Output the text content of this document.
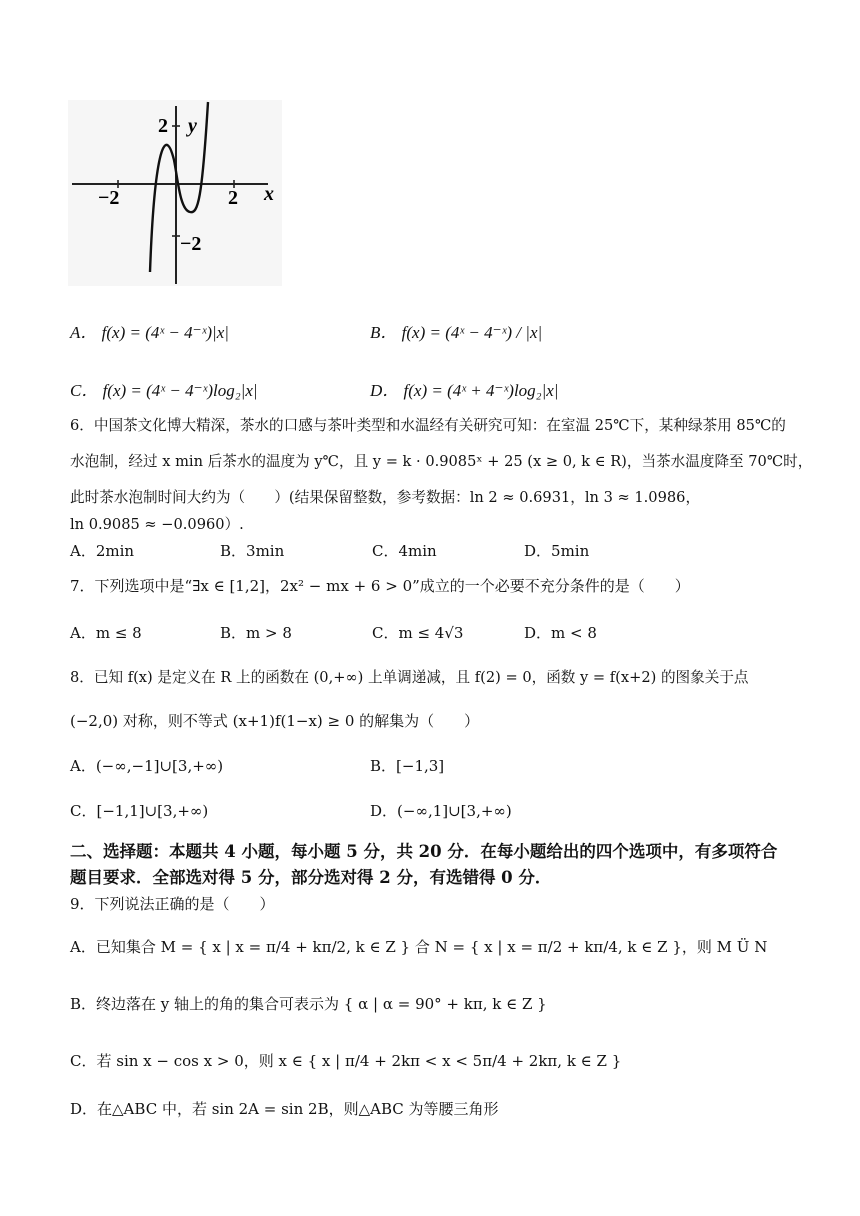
y
x
−2	2
2
−2
A． f(x) = (4ˣ − 4⁻ˣ)|x|	B． f(x) = (4ˣ − 4⁻ˣ) / |x|
C． f(x) = (4ˣ − 4⁻ˣ)log₂|x|	D． f(x) = (4ˣ + 4⁻ˣ)log₂|x|
6．中国茶文化博大精深，茶水的口感与茶叶类型和水温经有关研究可知：在室温 25℃下，某种绿茶用 85℃的
水泡制，经过 x min 后茶水的温度为 y℃，且 y = k · 0.9085ˣ + 25 (x ≥ 0, k ∈ R)，当茶水温度降至 70℃时，
此时茶水泡制时间大约为（　　）(结果保留整数，参考数据：ln 2 ≈ 0.6931，ln 3 ≈ 1.0986，
ln 0.9085 ≈ −0.0960）.
A．2min	B．3min	C．4min	D．5min
7．下列选项中是“∃x ∈ [1,2]，2x² − mx + 6 > 0”成立的一个必要不充分条件的是（　　）
A．m ≤ 8	B．m > 8	C．m ≤ 4√3	D．m < 8
8．已知 f(x) 是定义在 R 上的函数在 (0,+∞) 上单调递减，且 f(2) = 0，函数 y = f(x+2) 的图象关于点
(−2,0) 对称，则不等式 (x+1)f(1−x) ≥ 0 的解集为（　　）
A．(−∞,−1]∪[3,+∞)	B．[−1,3]
C．[−1,1]∪[3,+∞)	D．(−∞,1]∪[3,+∞)
二、选择题：本题共 4 小题，每小题 5 分，共 20 分．在每小题给出的四个选项中，有多项符合
题目要求．全部选对得 5 分，部分选对得 2 分，有选错得 0 分．
9．下列说法正确的是（　　）
A．已知集合 M = { x | x = π/4 + kπ/2, k ∈ Z } 合 N = { x | x = π/2 + kπ/4, k ∈ Z }，则 M Ü N
B．终边落在 y 轴上的角的集合可表示为 { α | α = 90° + kπ, k ∈ Z }
C．若 sin x − cos x > 0，则 x ∈ { x | π/4 + 2kπ < x < 5π/4 + 2kπ, k ∈ Z }
D．在△ABC 中，若 sin 2A = sin 2B，则△ABC 为等腰三角形
